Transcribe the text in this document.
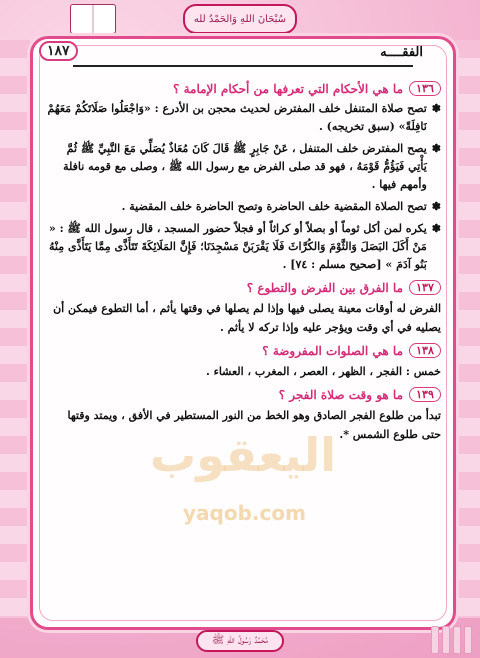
سُبْحَانَ اللهِ وَالحَمْدُ لله
١٨٧	الفقــــه
اليعقوب
yaqob.com
١٣٦
ما هي الأحكام التي تعرفها من أحكام الإمامة ؟
✽
تصح صلاة المتنفل خلف المفترض لحديث محجن بن الأدرع : «وَاجْعَلُوا صَلَاتَكُمْ مَعَهُمْ نَافِلَةً» (سبق تخريجه) .
✽
يصح المفترض خلف المتنفل ، عَنْ جَابِرٍ ﷺ قَالَ كَانَ مُعَاذٌ يُصَلِّي مَعَ النَّبِيِّ ﷺ ثُمَّ يَأْتِي فَيَؤُمُّ قَوْمَهُ ، فهو قد صلى الفرض مع رسول الله ﷺ ، وصلى مع قومه نافلة وأمهم فيها .
✽
تصح الصلاة المقضية خلف الحاضرة وتصح الحاضرة خلف المقضية .
✽
يكره لمن أكل ثوماً أو بصلاً أو كراثاً أو فجلاً حضور المسجد ، قال رسول الله ﷺ : « مَنْ أَكَلَ البَصَلَ وَالثَّوْمَ وَالكُرَّاثَ فَلَا يَقْرَبَنَّ مَسْجِدَنَا؛ فَإِنَّ المَلَائِكَةَ تَتَأَذَّى مِمَّا يَتَأَذَّى مِنْهُ بَنُو آدَمَ » [صحيح مسلم : ٧٤] .
١٣٧
ما الفرق بين الفرض والتطوع ؟
الفرض له أوقات معينة يصلى فيها وإذا لم يصلها في وقتها يأثم ، أما التطوع فيمكن أن يصليه في أي وقت ويؤجر عليه وإذا تركه لا يأثم .
١٣٨
ما هي الصلوات المفروضة ؟
خمس : الفجر ، الظهر ، العصر ، المغرب ، العشاء .
١٣٩
ما هو وقت صلاة الفجر ؟
تبدأ من طلوع الفجر الصادق وهو الخط من النور المستطير في الأفق ، ويمتد وقتها حتى طلوع الشمس *.
مُحَمَّدٌ رَسُولُ اللهِ ﷺ
